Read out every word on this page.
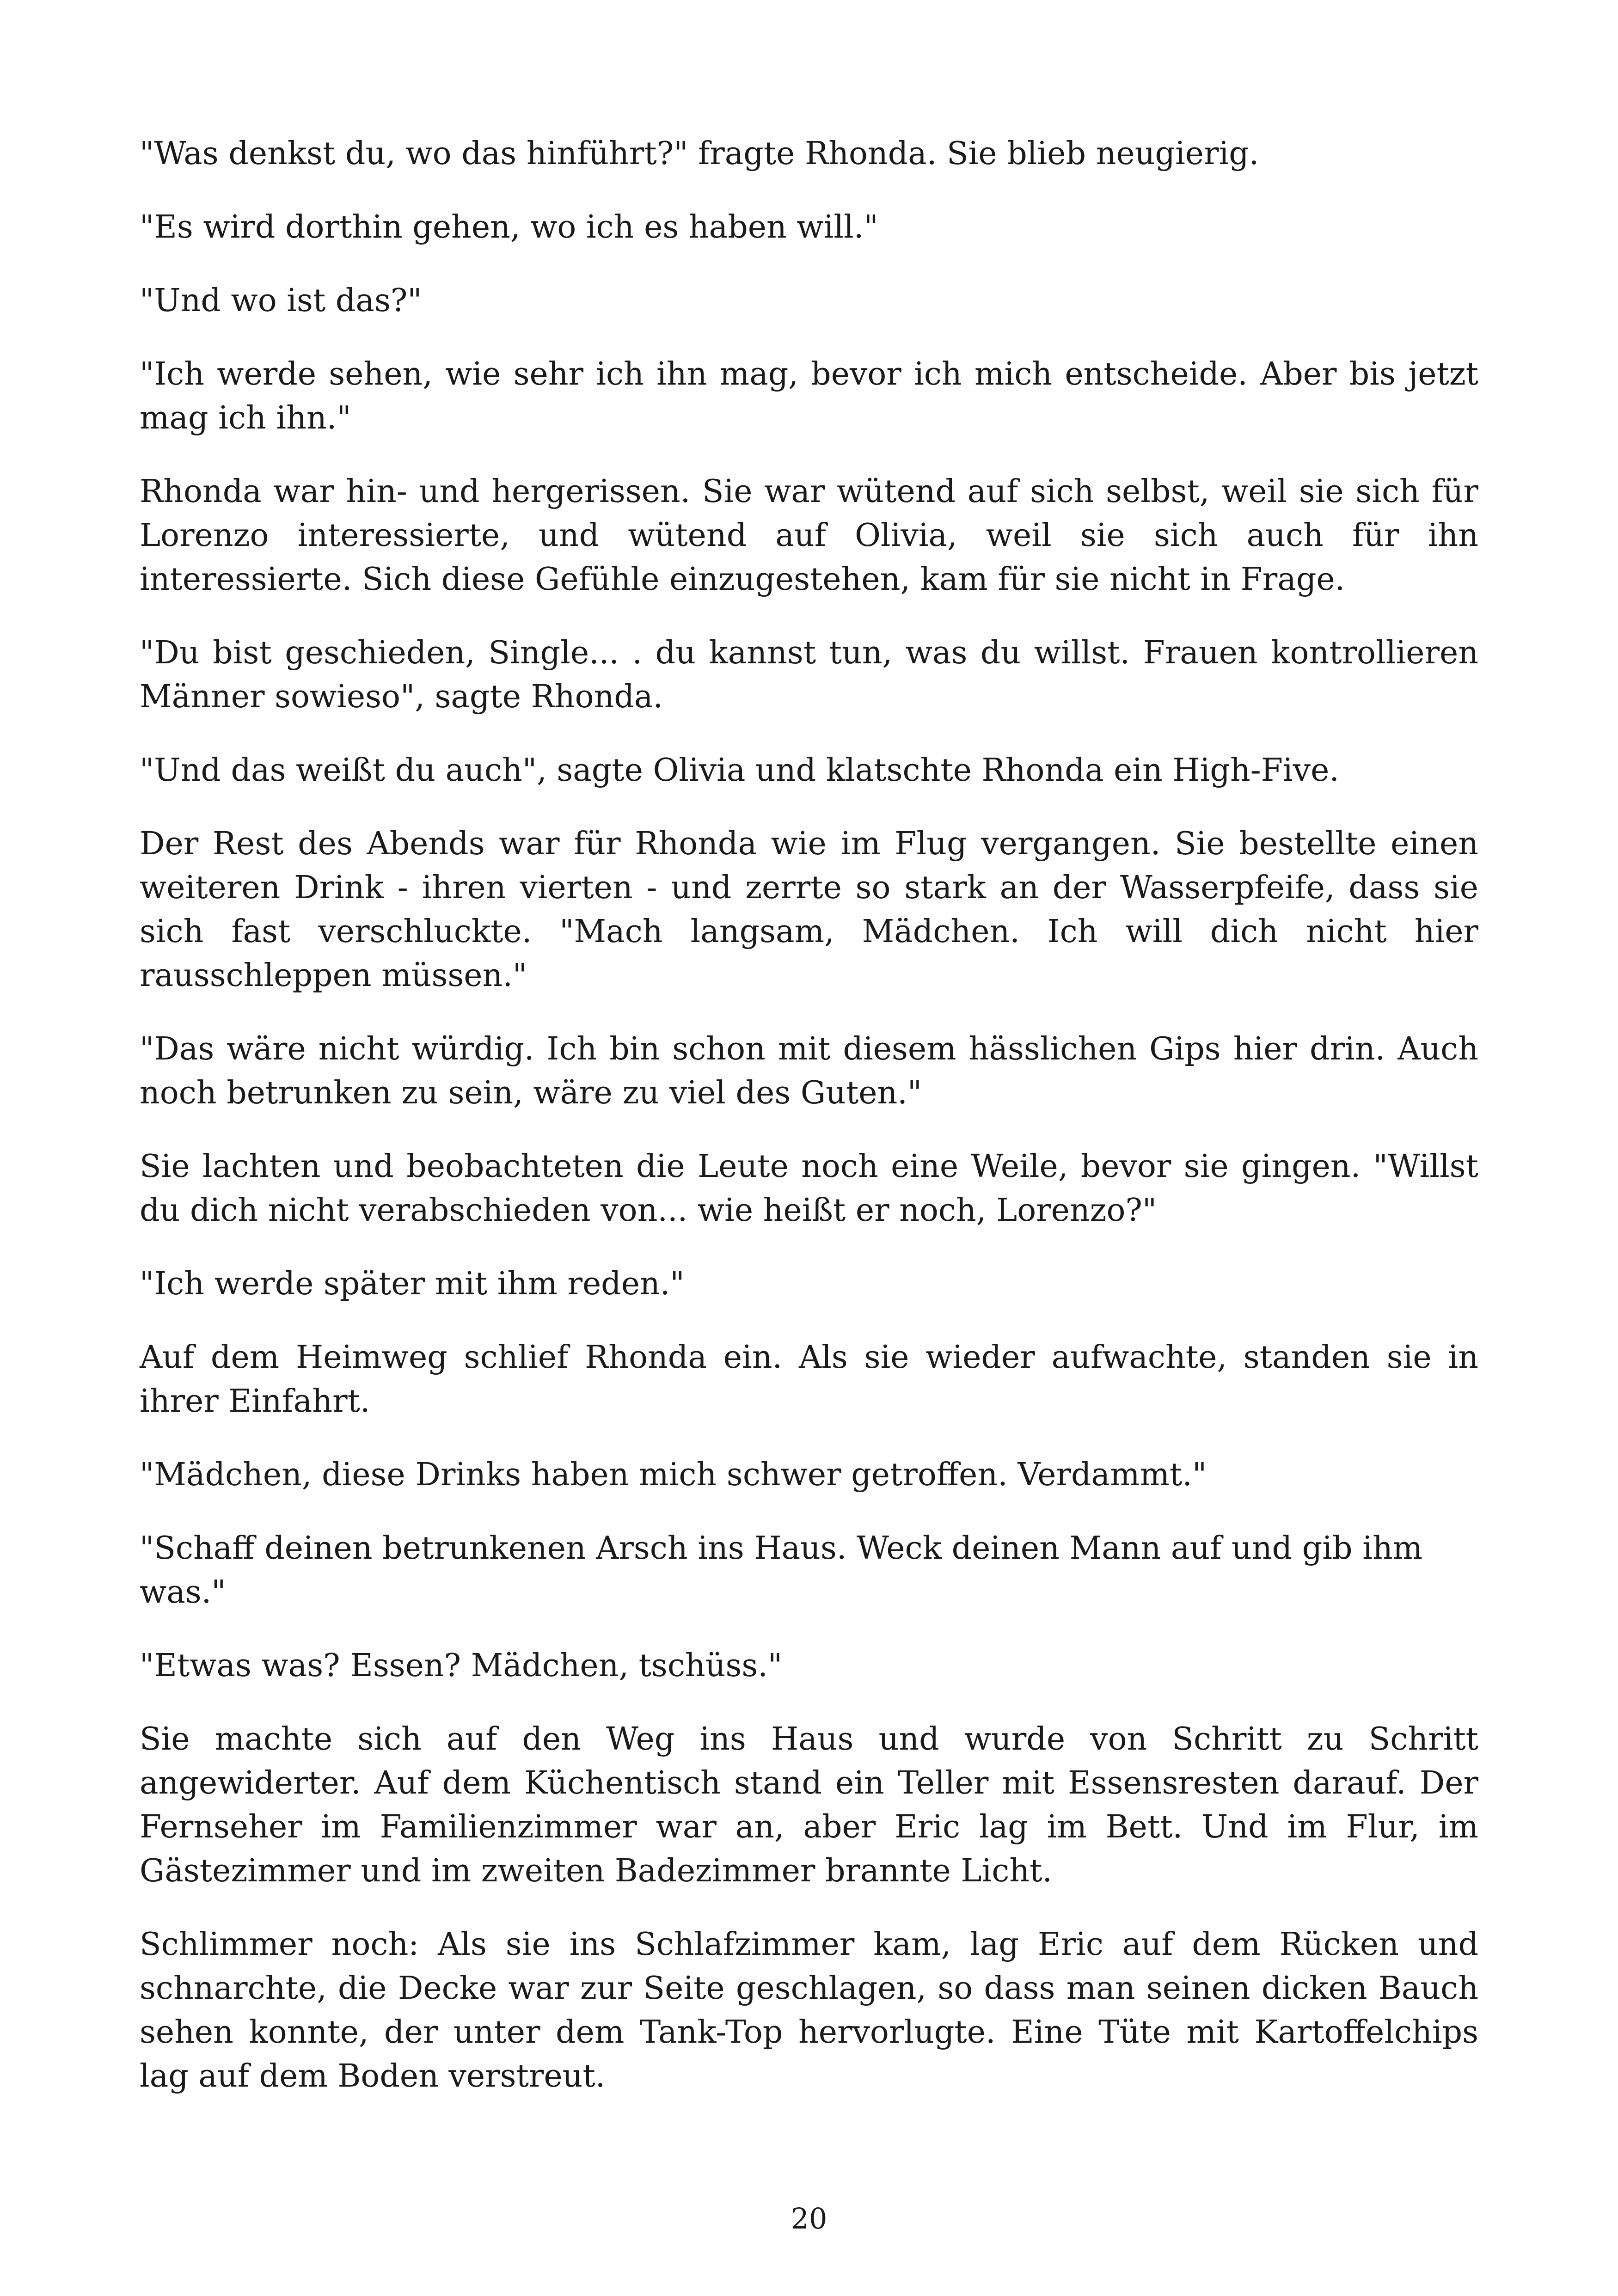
"Was denkst du, wo das hinführt?" fragte Rhonda. Sie blieb neugierig.

"Es wird dorthin gehen, wo ich es haben will."

"Und wo ist das?"

"Ich werde sehen, wie sehr ich ihn mag, bevor ich mich entscheide. Aber bis jetzt mag ich ihn."

Rhonda war hin- und hergerissen. Sie war wütend auf sich selbst, weil sie sich für Lorenzo interessierte, und wütend auf Olivia, weil sie sich auch für ihn interessierte. Sich diese Gefühle einzugestehen, kam für sie nicht in Frage.

"Du bist geschieden, Single... . du kannst tun, was du willst. Frauen kontrollieren Männer sowieso", sagte Rhonda.

"Und das weißt du auch", sagte Olivia und klatschte Rhonda ein High-Five.

Der Rest des Abends war für Rhonda wie im Flug vergangen. Sie bestellte einen weiteren Drink - ihren vierten - und zerrte so stark an der Wasserpfeife, dass sie sich fast verschluckte. "Mach langsam, Mädchen. Ich will dich nicht hier rausschleppen müssen."

"Das wäre nicht würdig. Ich bin schon mit diesem hässlichen Gips hier drin. Auch noch betrunken zu sein, wäre zu viel des Guten."

Sie lachten und beobachteten die Leute noch eine Weile, bevor sie gingen. "Willst du dich nicht verabschieden von... wie heißt er noch, Lorenzo?"

"Ich werde später mit ihm reden."

Auf dem Heimweg schlief Rhonda ein. Als sie wieder aufwachte, standen sie in ihrer Einfahrt.

"Mädchen, diese Drinks haben mich schwer getroffen. Verdammt."

"Schaff deinen betrunkenen Arsch ins Haus. Weck deinen Mann auf und gib ihm was."

"Etwas was? Essen? Mädchen, tschüss."

Sie machte sich auf den Weg ins Haus und wurde von Schritt zu Schritt angewiderter. Auf dem Küchentisch stand ein Teller mit Essensresten darauf. Der Fernseher im Familienzimmer war an, aber Eric lag im Bett. Und im Flur, im Gästezimmer und im zweiten Badezimmer brannte Licht.

Schlimmer noch: Als sie ins Schlafzimmer kam, lag Eric auf dem Rücken und schnarchte, die Decke war zur Seite geschlagen, so dass man seinen dicken Bauch sehen konnte, der unter dem Tank-Top hervorlugte. Eine Tüte mit Kartoffelchips lag auf dem Boden verstreut.

20
